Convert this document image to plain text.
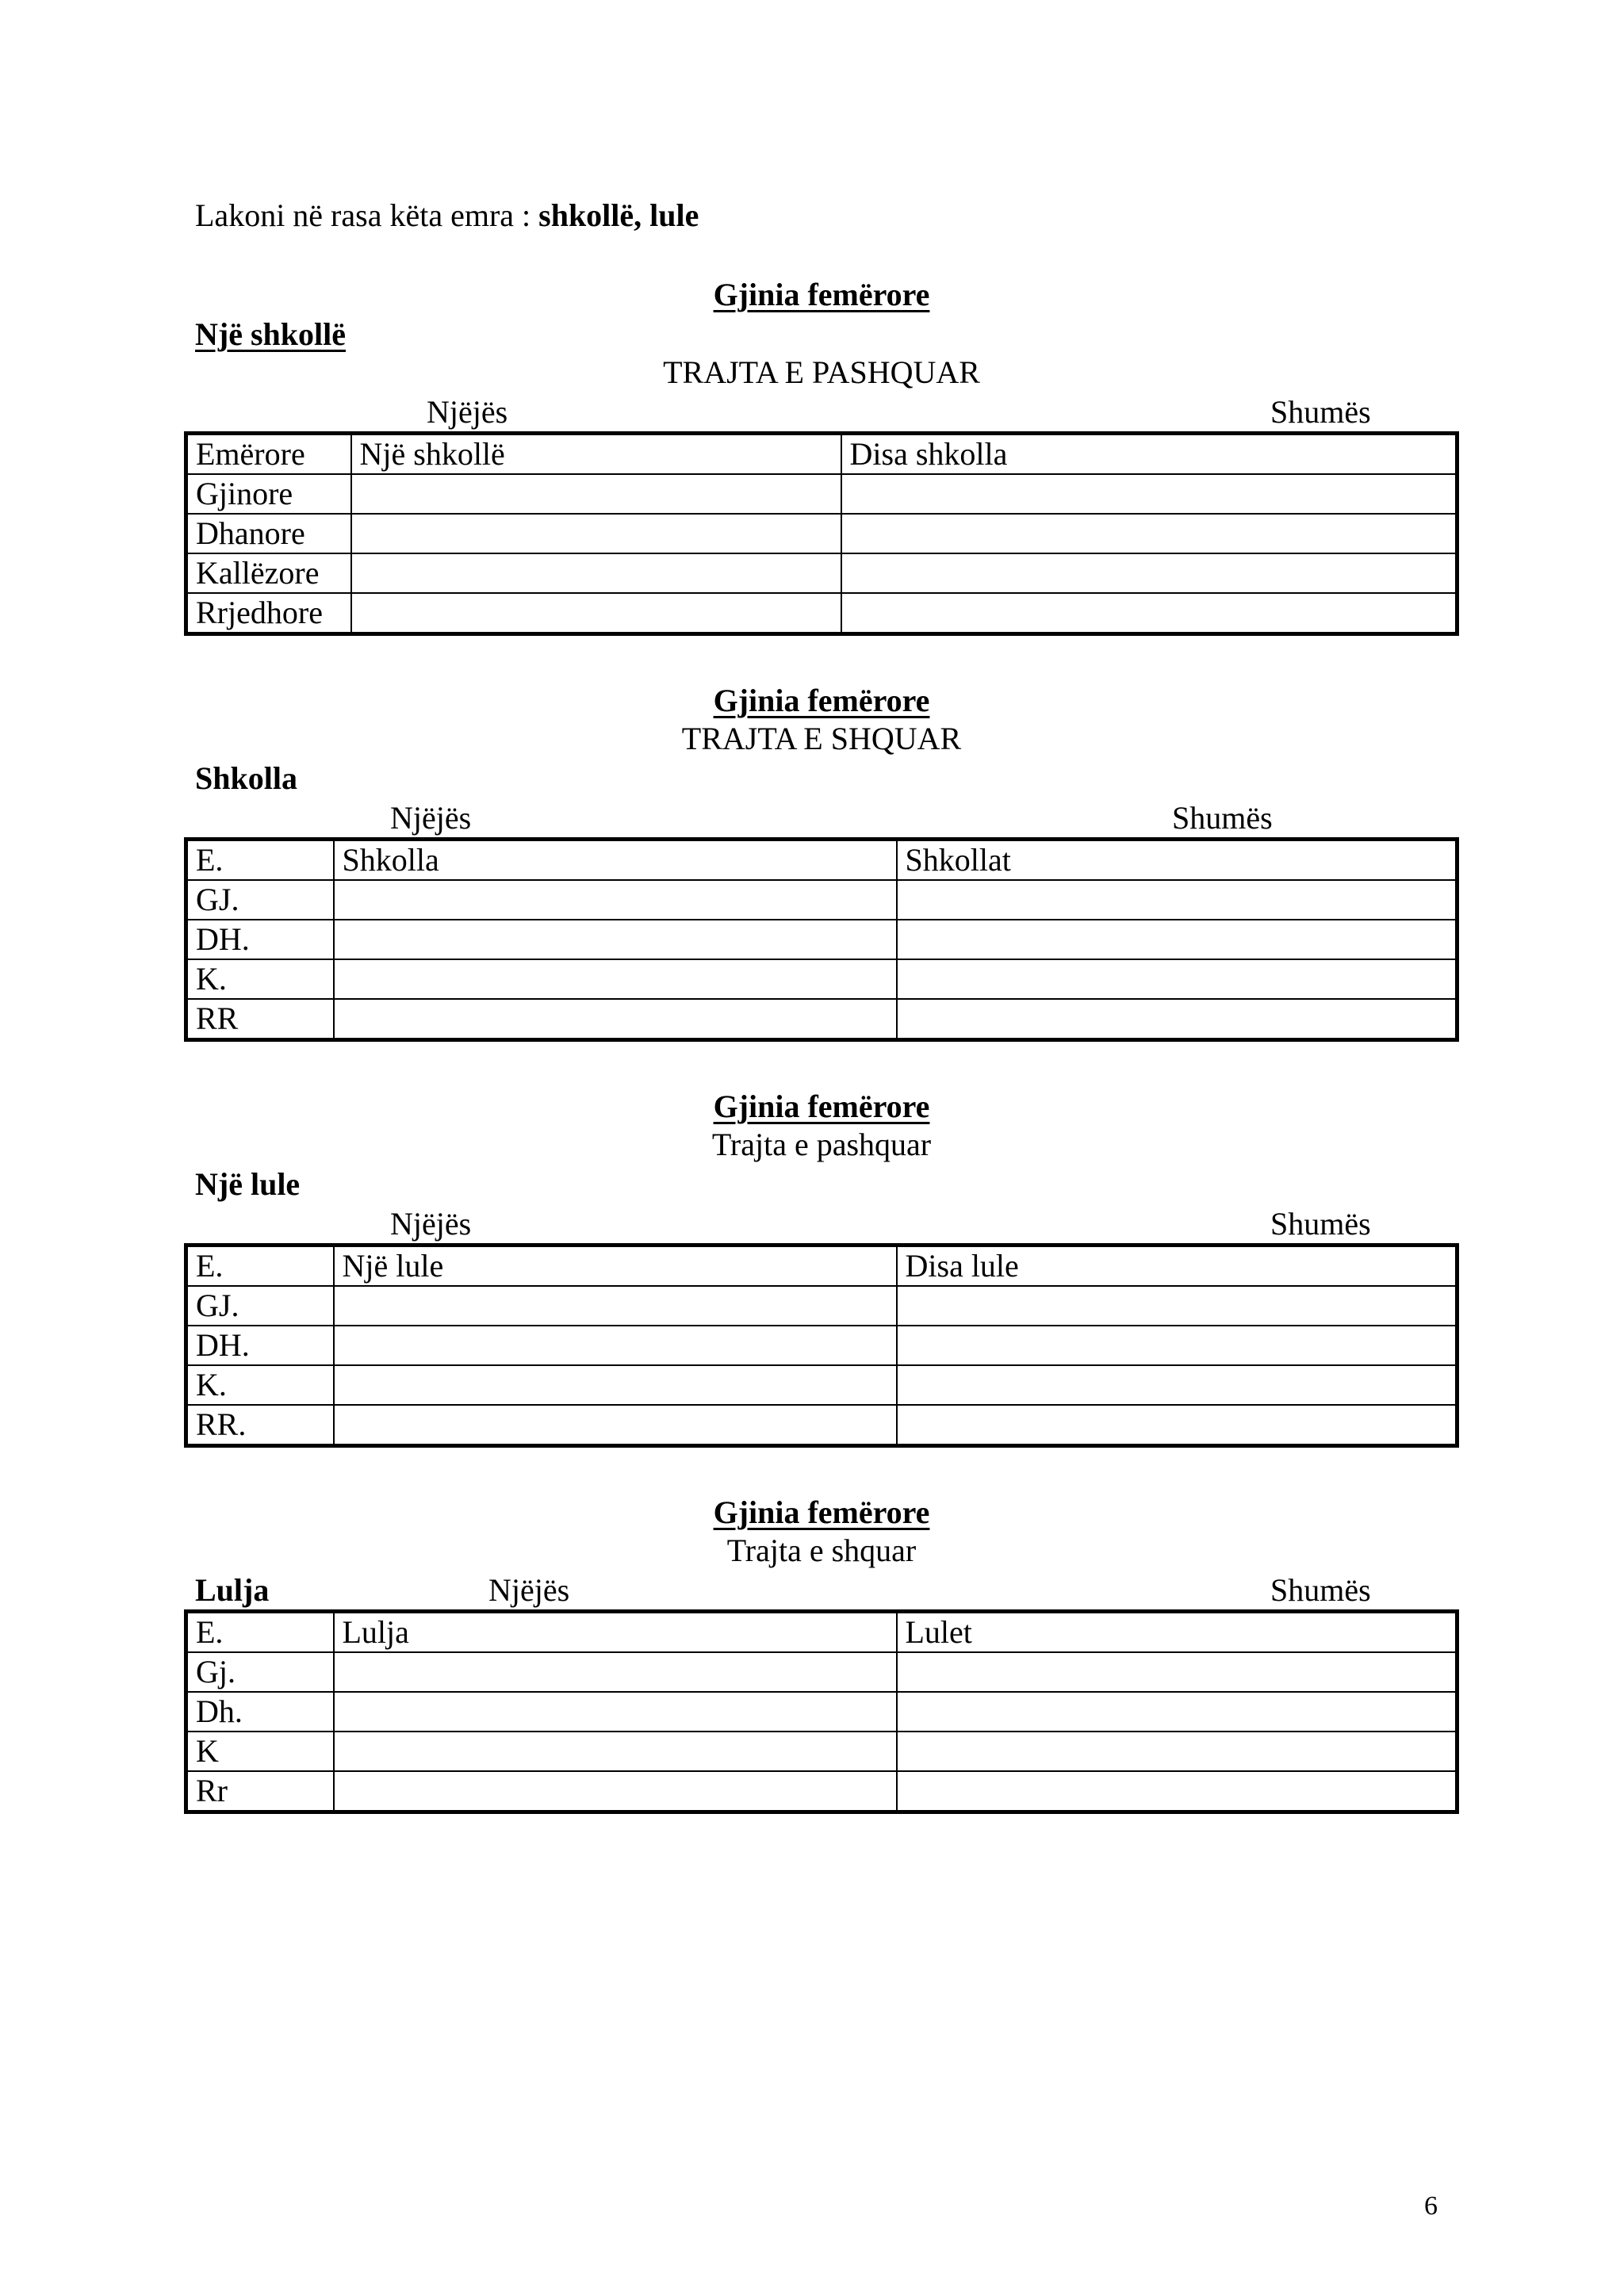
Lakoni në rasa këta emra : shkollë, lule
Gjinia femërore
Një shkollë
TRAJTA E PASHQUAR
Njëjës	Shumës
Emërore	Një shkollë	Disa shkolla
Gjinore		
Dhanore		
Kallëzore		
Rrjedhore		
Gjinia femërore
TRAJTA E SHQUAR
Shkolla
Njëjës	Shumës
E.	Shkolla	Shkollat
GJ.		
DH.		
K.		
RR		
Gjinia femërore
Trajta e pashquar
Një lule
Njëjës	Shumës
E.	Një lule	Disa lule
GJ.		
DH.		
K.		
RR.		
Gjinia femërore
Trajta e shquar
Lulja	Njëjës	Shumës
E.	Lulja	Lulet
Gj.		
Dh.		
K		
Rr		
6
